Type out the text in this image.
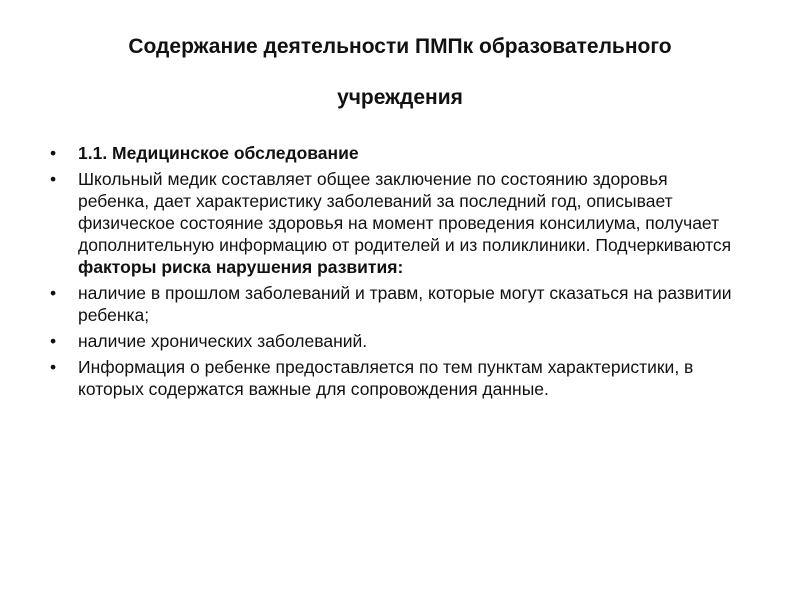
Содержание деятельности ПМПк образовательного
учреждения
•	1.1. Медицинское обследование
•	Школьный медик составляет общее заключение по состоянию здоровья ребенка, дает характеристику заболеваний за последний год, описывает физическое состояние здоровья на момент проведения консилиума, получает дополнительную информацию от родителей и из поликлиники. Подчеркиваются факторы риска нарушения развития:
•	наличие в прошлом заболеваний и травм, которые могут сказаться на развитии ребенка;
•	наличие хронических заболеваний.
•	Информация о ребенке предоставляется по тем пунктам характеристики, в которых содержатся важные для сопровождения данные.
